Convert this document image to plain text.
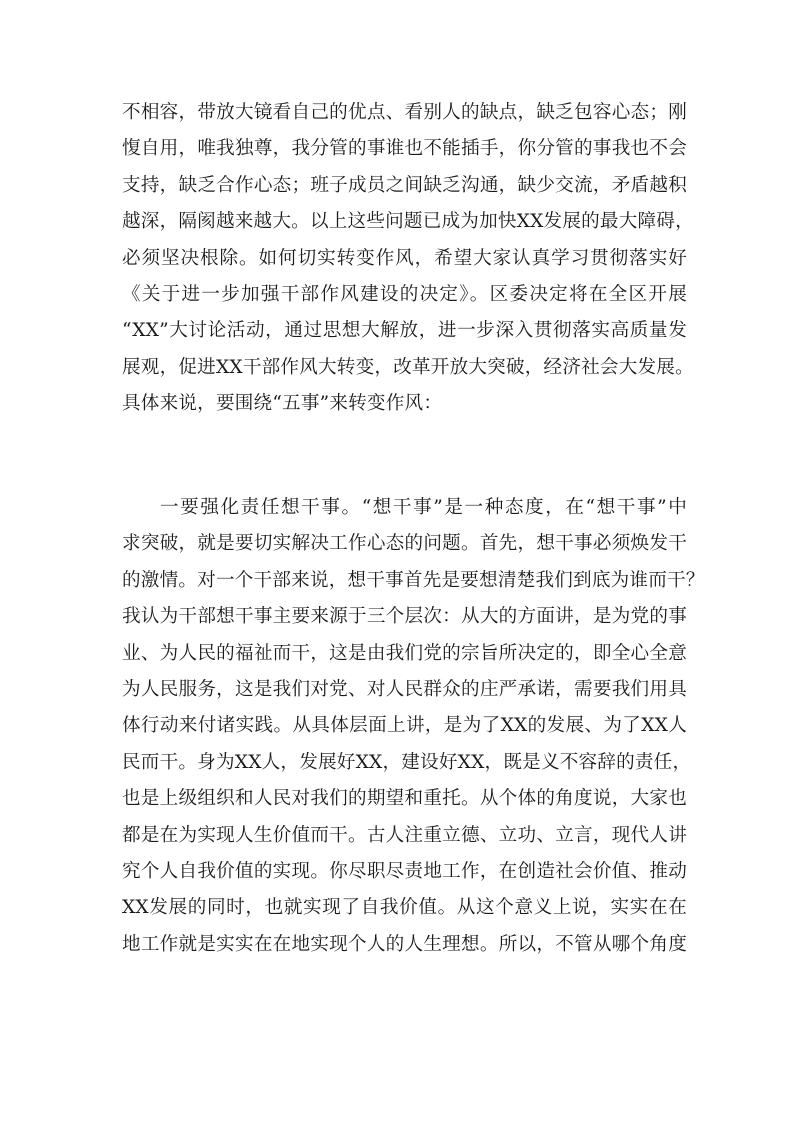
不相容，带放大镜看自己的优点、看别人的缺点，缺乏包容心态；刚
愎自用，唯我独尊，我分管的事谁也不能插手，你分管的事我也不会
支持，缺乏合作心态；班子成员之间缺乏沟通，缺少交流，矛盾越积
越深，隔阂越来越大。以上这些问题已成为加快XX发展的最大障碍，
必须坚决根除。如何切实转变作风，希望大家认真学习贯彻落实好
《关于进一步加强干部作风建设的决定》。区委决定将在全区开展
“XX”大讨论活动，通过思想大解放，进一步深入贯彻落实高质量发
展观，促进XX干部作风大转变，改革开放大突破，经济社会大发展。
具体来说，要围绕“五事”来转变作风：
一要强化责任想干事。“想干事”是一种态度，在“想干事”中
求突破，就是要切实解决工作心态的问题。首先，想干事必须焕发干
的激情。对一个干部来说，想干事首先是要想清楚我们到底为谁而干？
我认为干部想干事主要来源于三个层次：从大的方面讲，是为党的事
业、为人民的福祉而干，这是由我们党的宗旨所决定的，即全心全意
为人民服务，这是我们对党、对人民群众的庄严承诺，需要我们用具
体行动来付诸实践。从具体层面上讲，是为了XX的发展、为了XX人
民而干。身为XX人，发展好XX，建设好XX，既是义不容辞的责任，
也是上级组织和人民对我们的期望和重托。从个体的角度说，大家也
都是在为实现人生价值而干。古人注重立德、立功、立言，现代人讲
究个人自我价值的实现。你尽职尽责地工作，在创造社会价值、推动
XX发展的同时，也就实现了自我价值。从这个意义上说，实实在在
地工作就是实实在在地实现个人的人生理想。所以，不管从哪个角度
